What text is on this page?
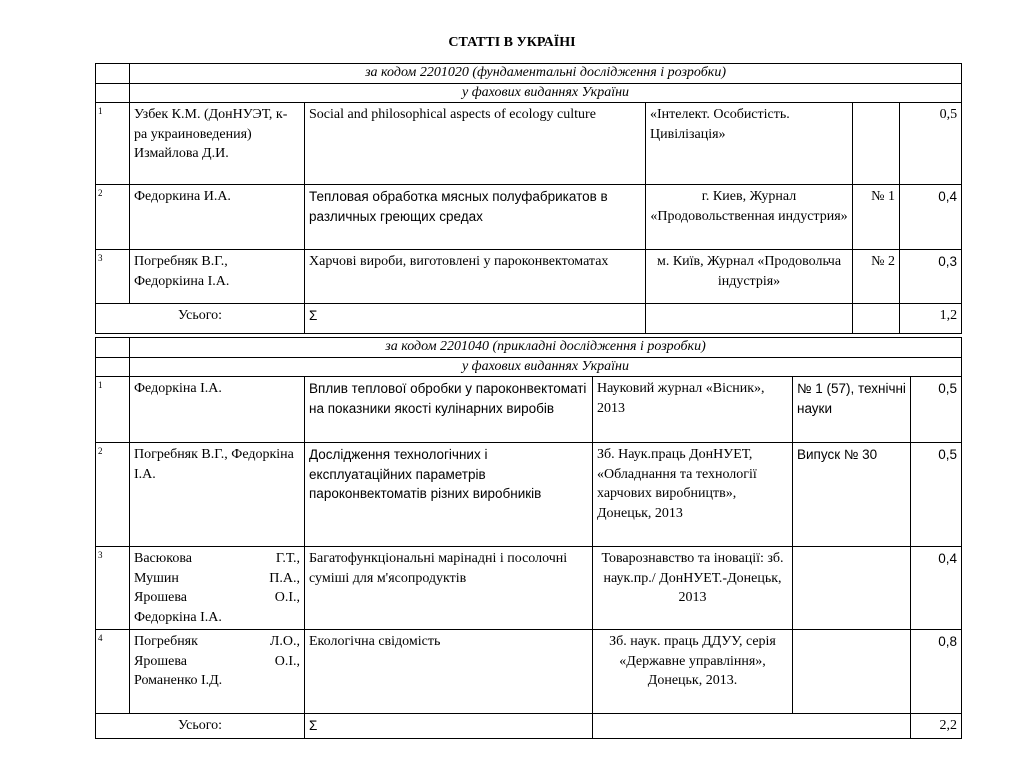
СТАТТІ В УКРАЇНІ
	за кодом 2201020 (фундаментальні дослідження і розробки)				
	у фахових виданнях України				
1	Узбек К.М. (ДонНУЭТ, к-ра украиноведения) Измайлова Д.И.	Social and philosophical aspects of ecology culture	«Інтелект. Особистість. Цивілізація»		0,5
2	Федоркина И.А.	Тепловая обработка мясных полуфабрикатов в различных греющих средах	г. Киев, Журнал «Продовольственная индустрия»	№ 1	0,4
3	Погребняк В.Г., Федоркіина І.А.	Харчові вироби, виготовлені у пароконвектоматах	м. Київ, Журнал «Продовольча індустрія»	№ 2	0,3
Усього:		Σ			1,2
	за кодом 2201040 (прикладні дослідження і розробки)				
	у фахових виданнях України				
1	Федоркіна І.А.	Вплив теплової обробки у пароконвектоматі на показники якості кулінарних виробів	Науковий журнал «Вісник», 2013	№ 1 (57), технічні науки	0,5
2	Погребняк В.Г., Федоркіна І.А.	Дослідження технологічних і експлуатаційних параметрів пароконвектоматів різних виробників	Зб. Наук.праць ДонНУЕТ, «Обладнання та технології харчових виробництв», Донецьк, 2013	Випуск № 30	0,5
3	Васюкова Г.Т.,
Мушин П.А.,
Ярошева О.І.,
Федоркіна І.А.	Багатофункціональні марінадні і посолочні суміші для м'ясопродуктів	Товарознавство та іновації: зб. наук.пр./ ДонНУЕТ.-Донецьк, 2013		0,4
4	Погребняк Л.О.,
Ярошева О.І.,
Романенко І.Д.	Екологічна свідомість	Зб. наук. праць ДДУУ, серія «Державне управління», Донецьк, 2013.		0,8
Усього:		Σ			2,2
